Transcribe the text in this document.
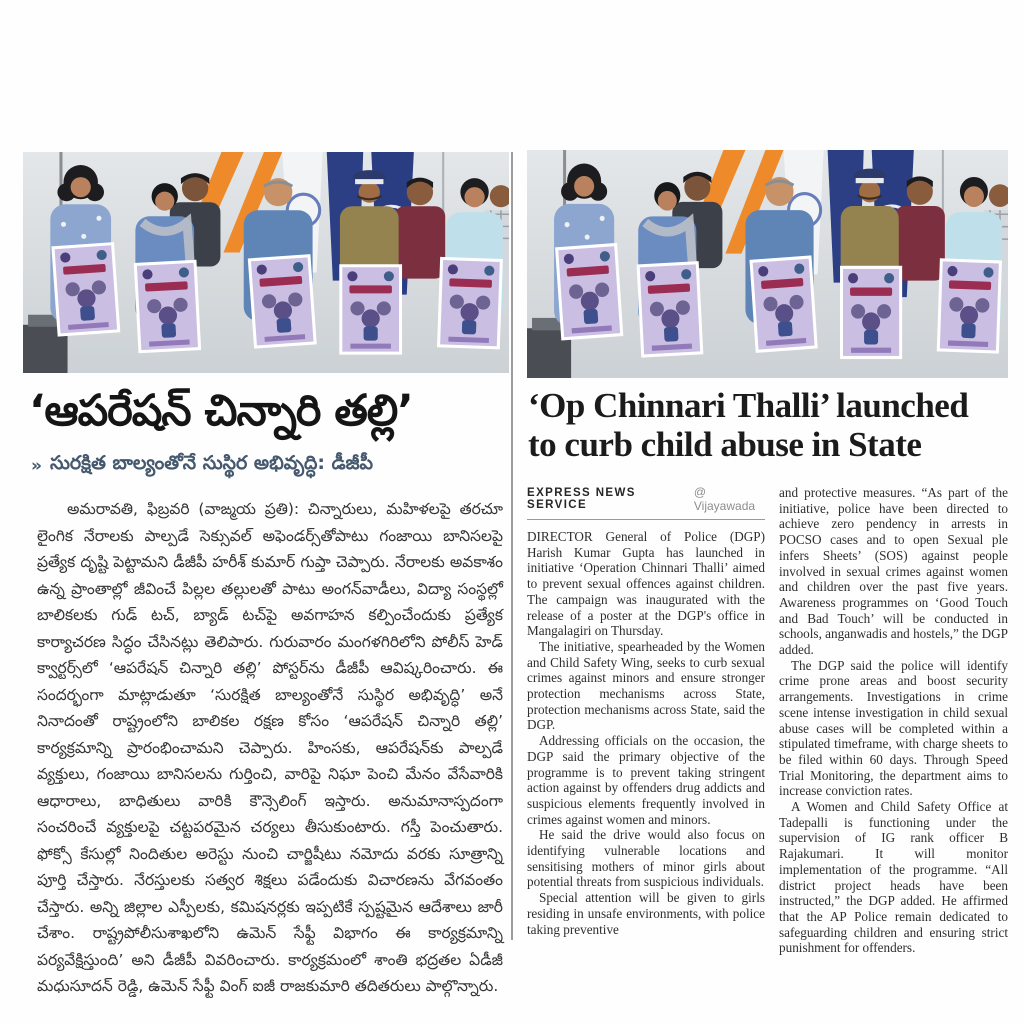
‘ఆపరేషన్ చిన్నారి తల్లి’
» సురక్షిత బాల్యంతోనే సుస్థిర అభివృద్ధి: డీజీపీ

అమరావతి, ఫిబ్రవరి (వాఙ్మయ ప్రతి): చిన్నారులు, మహిళలపై తరచూ లైంగిక నేరాలకు పాల్పడే సెక్సువల్ అఫెండర్స్‌తోపాటు గంజాయి బానిసలపై ప్రత్యేక దృష్టి పెట్టామని డీజీపీ హరీశ్ కుమార్ గుప్తా చెప్పారు. నేరాలకు అవకాశం ఉన్న ప్రాంతాల్లో జీవించే పిల్లల తల్లులతో పాటు అంగన్‌వాడీలు, విద్యా సంస్థల్లో బాలికలకు గుడ్ టచ్, బ్యాడ్ టచ్‌పై అవగాహన కల్పించేందుకు ప్రత్యేక కార్యాచరణ సిద్ధం చేసినట్లు తెలిపారు. గురువారం మంగళగిరిలోని పోలీస్ హెడ్ క్వార్టర్స్‌లో ‘ఆపరేషన్ చిన్నారి తల్లి’ పోస్టర్‌ను డీజీపీ ఆవిష్కరించారు. ఈ సందర్భంగా మాట్లాడుతూ ‘సురక్షిత బాల్యంతోనే సుస్థిర అభివృద్ధి’ అనే నినాదంతో రాష్ట్రంలోని బాలికల రక్షణ కోసం ‘ఆపరేషన్ చిన్నారి తల్లి’ కార్యక్రమాన్ని ప్రారంభించామని చెప్పారు. హింసకు, ఆపరేషన్‌కు పాల్పడే వ్యక్తులు, గంజాయి బానిసలను గుర్తించి, వారిపై నిఘా పెంచి మేనం వేసేవారికి ఆధారాలు, బాధితులు వారికి కౌన్సెలింగ్ ఇస్తారు. అనుమానాస్పదంగా సంచరించే వ్యక్తులపై చట్టపరమైన చర్యలు తీసుకుంటారు. గస్తీ పెంచుతారు. ఫోక్సో కేసుల్లో నిందితుల అరెస్టు నుంచి చార్జిషీటు నమోదు వరకు సూత్రాన్ని పూర్తి చేస్తారు. నేరస్తులకు సత్వర శిక్షలు పడేందుకు విచారణను వేగవంతం చేస్తారు. అన్ని జిల్లాల ఎస్పీలకు, కమిషనర్లకు ఇప్పటికే స్పష్టమైన ఆదేశాలు జారీ చేశాం. రాష్ట్రపోలీసుశాఖలోని ఉమెన్ సేఫ్టీ విభాగం ఈ కార్యక్రమాన్ని పర్యవేక్షిస్తుంది’ అని డీజీపీ వివరించారు. కార్యక్రమంలో శాంతి భద్రతల ఏడీజీ మధుసూదన్ రెడ్డి, ఉమెన్ సేఫ్టీ వింగ్ ఐజీ రాజకుమారి తదితరులు పాల్గొన్నారు.

‘Op Chinnari Thalli’ launched
to curb child abuse in State
EXPRESS NEWS SERVICE
@ Vijayawada

DIRECTOR General of Police (DGP) Harish Kumar Gupta has launched in initiative ‘Operation Chinnari Thalli’ aimed to prevent sexual offences against children. The campaign was inaugurated with the release of a poster at the DGP's office in Mangalagiri on Thursday.

The initiative, spearheaded by the Women and Child Safety Wing, seeks to curb sexual crimes against minors and ensure stronger protection mechanisms across State, protection mechanisms across State, said the DGP.

Addressing officials on the occasion, the DGP said the primary objective of the programme is to prevent taking stringent action against by offenders drug addicts and suspicious elements frequently involved in crimes against women and minors.

He said the drive would also focus on identifying vulnerable locations and sensitising mothers of minor girls about potential threats from suspicious individuals.

Special attention will be given to girls residing in unsafe environments, with police taking preventive

and protective measures. “As part of the initiative, police have been directed to achieve zero pendency in arrests in POCSO cases and to open Sexual ple infers Sheets’ (SOS) against people involved in sexual crimes against women and children over the past five years. Awareness programmes on ‘Good Touch and Bad Touch’ will be conducted in schools, anganwadis and hostels,” the DGP added.

The DGP said the police will identify crime prone areas and boost security arrangements. Investigations in crime scene intense investigation in child sexual abuse cases will be completed within a stipulated timeframe, with charge sheets to be filed within 60 days. Through Speed Trial Monitoring, the department aims to increase conviction rates.

A Women and Child Safety Office at Tadepalli is functioning under the supervision of IG rank officer B Rajakumari. It will monitor implementation of the programme. “All district project heads have been instructed,” the DGP added. He affirmed that the AP Police remain dedicated to safeguarding children and ensuring strict punishment for offenders.
